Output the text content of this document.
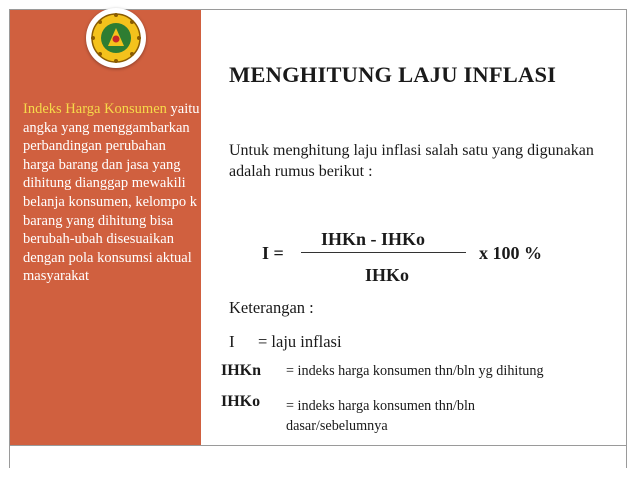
Indeks Harga Konsumen yaitu angka yang menggambarkan perbandingan perubahan harga barang dan jasa yang dihitung dianggap mewakili belanja konsumen, kelompo k barang yang dihitung bisa berubah-ubah disesuaikan dengan pola konsumsi aktual masyarakat
MENGHITUNG LAJU INFLASI
Untuk menghitung laju inflasi salah satu yang digunakan adalah rumus berikut :
I =
IHKn - IHKo
IHKo
x 100 %
Keterangan :
I = laju inflasi
IHKn = indeks harga konsumen thn/bln yg dihitung
IHKo = indeks harga konsumen thn/bln dasar/sebelumnya
